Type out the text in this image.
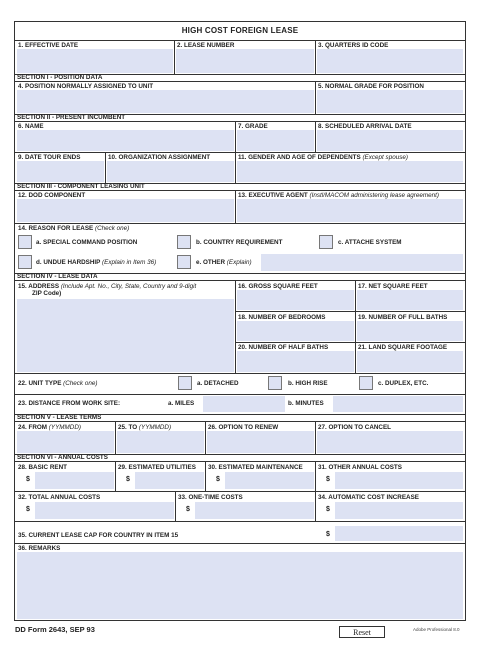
HIGH COST FOREIGN LEASE
1. EFFECTIVE DATE	2. LEASE NUMBER	3. QUARTERS ID CODE
SECTION I - POSITION DATA
4. POSITION NORMALLY ASSIGNED TO UNIT	5. NORMAL GRADE FOR POSITION
SECTION II - PRESENT INCUMBENT
6. NAME	7. GRADE	8. SCHEDULED ARRIVAL DATE
9. DATE TOUR ENDS	10. ORGANIZATION ASSIGNMENT	11. GENDER AND AGE OF DEPENDENTS (Except spouse)
SECTION III - COMPONENT LEASING UNIT
12. DOD COMPONENT	13. EXECUTIVE AGENT (Instl/MACOM administering lease agreement)
14. REASON FOR LEASE (Check one)
a. SPECIAL COMMAND POSITION	b. COUNTRY REQUIREMENT	c. ATTACHE SYSTEM
d. UNDUE HARDSHIP (Explain in Item 36)	e. OTHER (Explain)
SECTION IV - LEASE DATA
15. ADDRESS (Include Apt. No., City, State, Country and 9-digit
ZIP Code)
16. GROSS SQUARE FEET	17. NET SQUARE FEET
18. NUMBER OF BEDROOMS	19. NUMBER OF FULL BATHS
20. NUMBER OF HALF BATHS	21. LAND SQUARE FOOTAGE
22. UNIT TYPE (Check one)	a. DETACHED	b. HIGH RISE	c. DUPLEX, ETC.
23. DISTANCE FROM WORK SITE:	a. MILES	b. MINUTES
SECTION V - LEASE TERMS
24. FROM (YYMMDD)	25. TO (YYMMDD)	26. OPTION TO RENEW	27. OPTION TO CANCEL
SECTION VI - ANNUAL COSTS
28. BASIC RENT	29. ESTIMATED UTILITIES 30. ESTIMATED MAINTENANCE 31. OTHER ANNUAL COSTS
$	$	$	$
32. TOTAL ANNUAL COSTS	33. ONE-TIME COSTS	34. AUTOMATIC COST INCREASE
$	$	$
35. CURRENT LEASE CAP FOR COUNTRY IN ITEM 15	$
36. REMARKS
DD Form 2643, SEP 93	Reset	Adobe Professional 8.0
